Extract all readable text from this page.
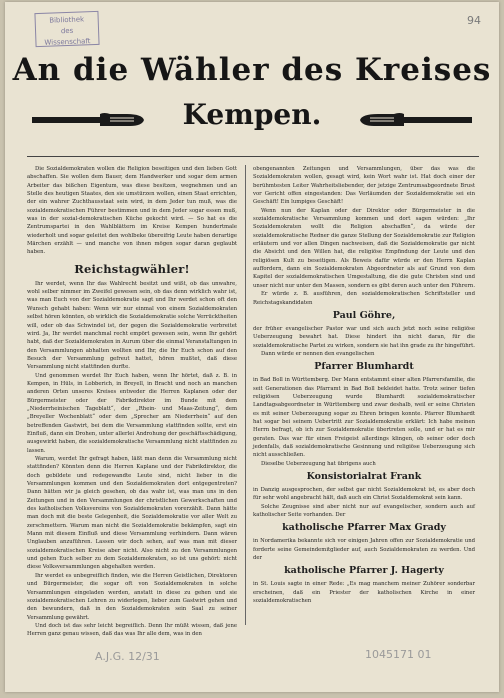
Bibliothek
des
Wissenschaft
94
An die Wähler des Kreises
Kempen.

Die Sozialdemokraten wollen die Religion beseitigen und den lieben Gott abschaffen. Sie wollen dem Bauer, dem Handwerker und sogar dem armen Arbeiter das bißchen Eigentum, was diese besitzen, wegnehmen und an Stelle des heutigen Staates, den sie umstürzen wollen, einen Staat errichten, der ein wahrer Zuchthausstaat sein wird, in dem Jeder tun muß, was die sozialdemokratischen Führer bestimmen und in dem Jeder sogar essen muß, was in der sozial-demokratischen Küche gekocht wird. — So hat es die Zentrumspartei in den Wahlblättern im Kreise Kempen hundertmale wiederholt und sogar geleitet den wohlbeke übereifrig Leute haben derartige Märchen erzählt — und manche von ihnen mögen sogar daran geglaubt haben.

Reichstagwähler!

Ihr werdet, wenn Ihr das Wahlrecht besitzt und wißt, ob das unwahre, wohl selber nimmer im Zweifel gewesen sein, ob das denn wirklich wahr ist, was man Euch von der Sozialdemokratie sagt und Ihr werdet schon oft den Wunsch gehabt haben: Wenn wir nur einmal von einem Sozialdemokraten selbst hören könnten, ob wirklich die Sozialdemokratie solche Verrücktheiten will, oder ob das Schwindel ist, der gegen die Sozialdemokratie verbreitet wird. Ja, Ihr werdet manchmal recht empört gewesen sein, wenn Ihr gehört habt, daß der Sozialdemokraten in Aurum über die einmal Veranstaltungen in den Versammlungen abhalten wollten und Ihr, die Ihr Euch schon auf den Besuch der Versammlung gefreut hattet, hören mußtet, daß diese Versammlung nicht stattfinden durfte.

Und genommen werdet Ihr Euch haben, wenn Ihr hörtet, daß z. B. in Kempen, in Hüls, in Lobberich, in Breyell, in Bracht und noch an manchen anderen Orten unseres Kreises entweder die Herren Kaplanen oder der Bürgermeister oder der Fabrikdirektor im Bunde mit dem „Niederrheinischen Tageblatt“, der „Rhein- und Maas-Zeitung“, dem „Breyeller Wochenblatt“ oder dem „Sprecher am Niederrhein“ auf den betreffenden Gastwirt, bei dem die Versammlung stattfinden sollte, erst ein Einfluß, dann ein Drohen, unter allerlei Androhung der geschäftsschädigung, ausgewirkt haben, die sozialdemokratische Versammlung nicht stattfinden zu lassen.

Warum, werdet Ihr gefragt haben, läßt man denn die Versammlung nicht stattfinden? Könnten denn die Herren Kaplane und der Fabrikdirektor, die doch gebildete und redegewandte Leute sind, nicht lieber in die Versammlungen kommen und den Sozialdemokraten dort entgegentreten? Dann hätten wir ja gleich gesehen, ob das wahr ist, was man uns in den Zeitungen und in den Versammlungen der christlichen Gewerkschaften und des katholischen Volksvereins von Sozialdemokraten vorerzählt. Dann hätte man doch mit die beste Gelegenheit, die Sozialdemokratie vor aller Welt zu zerschmettern. Warum man nicht die Sozialdemokratie bekämpfen, sagt ein Mann mit diesem Einfluß und diese Versammlung verhindern. Dann wären Unglauben anzuführen. Lassen wir doch sehen, auf was man mit dieser sozialdemokratischen Kreise aber nicht. Also nicht zu den Versammlungen und gehen Euch selber zu dem Sozialdemokraten, so ist uns gehört: nicht diese Volksversammlungen abgehalten werden.

Ihr werdet es unbegreiflich finden, wie die Herren Geistlichen, Direktoren und Bürgermeister, die sogar oft von Sozialdemokraten in solche Versammlungen eingeladen werden, anstatt in diese zu gehen und sie sozialdemokratischen Lehren zu widerlegen, lieber zum Gastwirt gehen und den bewundern, daß in den Sozialdemokraten sein Saal zu seiner Versammlung gewährt.

Und doch ist das sehr leicht begreiflich. Denn Ihr müßt wissen, daß jene Herren ganz genau wissen, daß das was Ihr alle dem, was in den

obengenannten Zeitungen und Versammlungen, über das was die Sozialdemokraten wollen, gesagt wird, kein Wort wahr ist. Hat doch einer der berühmtesten Leiter Wahrheitsliebender, der jetzige Zentrumsabgeordnete Brust vor Gericht offen eingestanden: Das Verläumden der Sozialdemokratie sei ein Geschäft! Ein lumpiges Geschäft!

Wenn nun der Kaplan oder der Direktor oder Bürgermeister in die sozialdemokratische Versammlung kommen und dort sagen würden: „Ihr Sozialdemokraten wollt die Religion abschaffen“, da würde der sozialdemokratische Redner die ganze Stellung der Sozialdemokratie zur Religion erläutern und vor allen Dingen nachweisen, daß die Sozialdemokratie gar nicht die Absicht und den Willen hat, die religiöse Empfindung der Leute und den religiösen Kult zu beseitigen. Als Beweis dafür würde er den Herrn Kaplan auffordern, dann ein Sozialdemokraten Abgeordneter als auf Grund von dem Kapitel der sozialdemokratischen Umgestaltung, die die gute Christen sind und unser nicht nur unter den Massen, sondern es gibt deren auch unter den Führern.

Er würde z. B. ausführen, den sozialdemokratischen Schriftsteller und Reichstagskandidaten

Paul Göhre,

der früher evangelischer Pastor war und sich auch jetzt noch seine religiöse Ueberzeugung bewahrt hat. Diese hindert ihn nicht daran, für die sozialdemokratische Partei zu wirken, sondern sie hat ihn grade zu ihr hingeführt.

Dann würde er nennen den evangelischen

Pfarrer Blumhardt

in Bad Boll in Württemberg. Der Mann entstammt einer alten Pfarrersfamilie, die seit Generationen das Pfarramt in Bad Boll bekleidet hatte. Trotz seiner tiefen religiösen Ueberzeugung wurde Blumhardt sozialdemokratischer Landtagsabgeordneter in Württemberg und zwar deshalb, weil er seine Christen es mit seiner Ueberzeugung sogar zu Ehren bringen konnte. Pfarrer Blumhardt hat sogar bei seinem Uebertritt zur Sozialdemokratie erklärt: Ich habe meinen Herrn befragt, ob ich zur Sozialdemokratie übertreten solle, und er hat es mir geraten. Das war für einen Freigeist allerdings klingen, ob seiner oder doch jedenfalls, daß sozialdemokratische Gesinnung und religiöse Ueberzeugung sich nicht ausschließen.

Dieselbe Ueberzeugung hat übrigens auch

Konsistorialrat Frank

in Danzig ausgesprochen, der selbst gar nicht Sozialdemokrat ist, es aber doch für sehr wohl angebracht hält, daß auch ein Christ Sozialdemokrat sein kann.

Solche Zeugnisse sind aber nicht nur auf evangelischer, sondern auch auf katholischer Seite vorhanden. Der

katholische Pfarrer Max Grady

in Nordamerika bekannte sich vor einigen Jahren offen zur Sozialdemokratie und forderte seine Gemeindemitglieder auf, auch Sozialdemokraten zu werden. Und der

katholische Pfarrer J. Hagerty

in St. Louis sagte in einer Rede: „Es mag manchem meiner Zuhörer sonderbar erscheinen, daß ein Priester der katholischen Kirche in einer sozialdemokratischen

A.J.G. 12/31	1045171 01
